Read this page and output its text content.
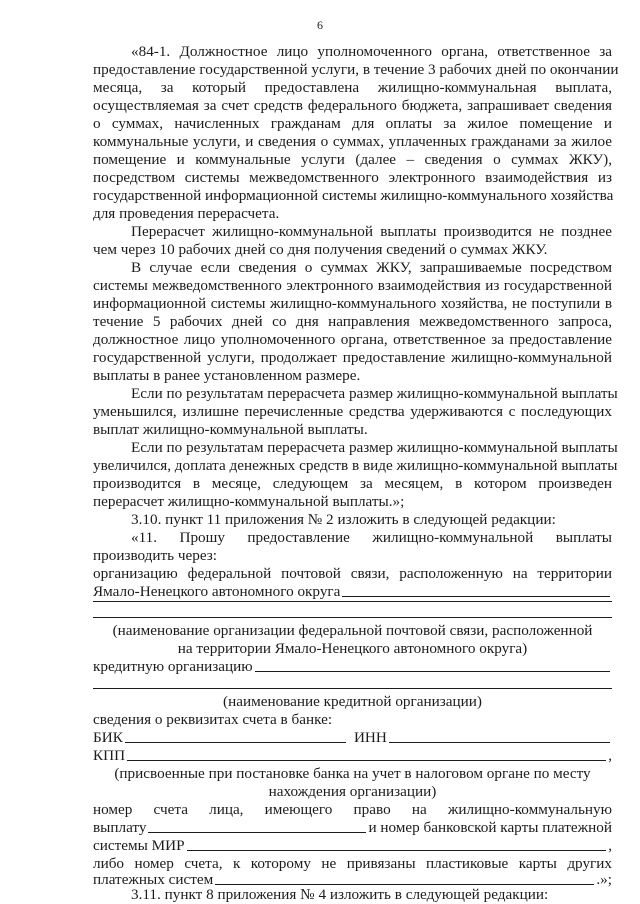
6
«84-1. Должностное лицо уполномоченного органа, ответственное за
предоставление государственной услуги, в течение 3 рабочих дней по окончании
месяца, за который предоставлена жилищно-коммунальная выплата,
осуществляемая за счет средств федерального бюджета, запрашивает сведения
о суммах, начисленных гражданам для оплаты за жилое помещение и
коммунальные услуги, и сведения о суммах, уплаченных гражданами за жилое
помещение и коммунальные услуги (далее – сведения о суммах ЖКУ),
посредством системы межведомственного электронного взаимодействия из
государственной информационной системы жилищно-коммунального хозяйства
для проведения перерасчета.
Перерасчет жилищно-коммунальной выплаты производится не позднее
чем через 10 рабочих дней со дня получения сведений о суммах ЖКУ.
В случае если сведения о суммах ЖКУ, запрашиваемые посредством
системы межведомственного электронного взаимодействия из государственной
информационной системы жилищно-коммунального хозяйства, не поступили в
течение 5 рабочих дней со дня направления межведомственного запроса,
должностное лицо уполномоченного органа, ответственное за предоставление
государственной услуги, продолжает предоставление жилищно-коммунальной
выплаты в ранее установленном размере.
Если по результатам перерасчета размер жилищно-коммунальной выплаты
уменьшился, излишне перечисленные средства удерживаются с последующих
выплат жилищно-коммунальной выплаты.
Если по результатам перерасчета размер жилищно-коммунальной выплаты
увеличился, доплата денежных средств в виде жилищно-коммунальной выплаты
производится в месяце, следующем за месяцем, в котором произведен
перерасчет жилищно-коммунальной выплаты.»;
3.10. пункт 11 приложения № 2 изложить в следующей редакции:
«11. Прошу предоставление жилищно-коммунальной выплаты
производить через:
организацию федеральной почтовой связи, расположенную на территории
Ямало-Ненецкого автономного округа
(наименование организации федеральной почтовой связи, расположенной
на территории Ямало-Ненецкого автономного округа)
кредитную организацию
(наименование кредитной организации)
сведения о реквизитах счета в банке:
БИК	ИНН
КПП	,
(присвоенные при постановке банка на учет в налоговом органе по месту
нахождения организации)
номер счета лица, имеющего право на жилищно-коммунальную
выплату	и номер банковской карты платежной
системы МИР	,
либо номер счета, к которому не привязаны пластиковые карты других
платежных систем	.»;
3.11. пункт 8 приложения № 4 изложить в следующей редакции:
